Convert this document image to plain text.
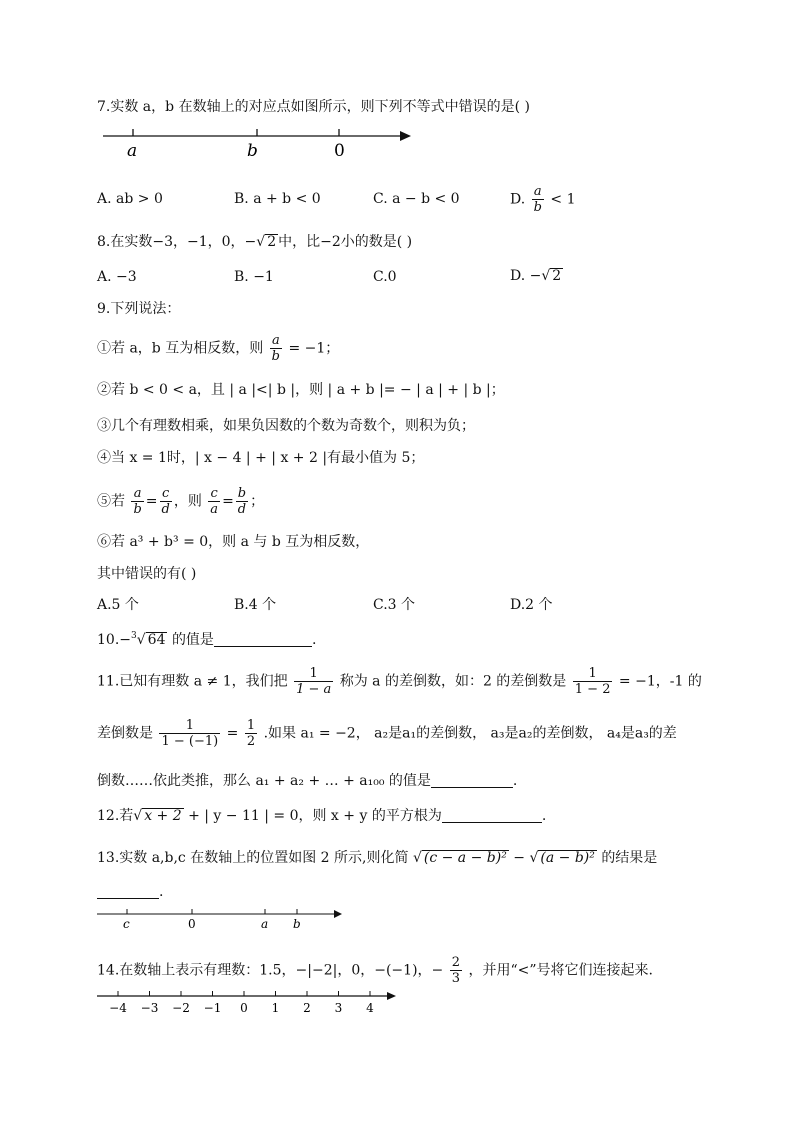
7.实数 a，b 在数轴上的对应点如图所示，则下列不等式中错误的是( )
a	b	0
A. ab > 0	B. a + b < 0	C. a − b < 0	D. $\frac{a}{b} < 1$
8.在实数−3，−1，0，−√ 2 中，比−2小的数是( )
A. −3	B. −1	C.0	D. −√ 2
9.下列说法：
①若 a，b 互为相反数，则 $\frac{a}{b} = -1$；
②若 b < 0 < a，且 | a |<| b |，则 | a + b |= − | a | + | b |；
③几个有理数相乘，如果负因数的个数为奇数个，则积为负；
④当 x = 1时，| x − 4 | + | x + 2 |有最小值为 5；
⑤若 $\frac{a}{b} = \frac{c}{d}$ ，则 $\frac{c}{a} = \frac{b}{d}$ ；
⑥若 a³ + b³ = 0，则 a 与 b 互为相反数，
其中错误的有( )
A.5 个	B.4 个	C.3 个	D.2 个
10.−$^3$√ 64 的值是	.
11.已知有理数 a ≠ 1，我们把 $\frac{1}{1 - a}$ 称为 a 的差倒数，如：2 的差倒数是 $\frac{1}{1 - 2} = -1$，-1 的
差倒数是 $\frac{1}{1 - (-1)} = \frac{1}{2}$ .如果 a₁ = −2， a₂是a₁的差倒数， a₃是a₂的差倒数， a₄是a₃的差
倒数……依此类推，那么 a₁ + a₂ + … + a₁₀₀ 的值是	.
12.若√ x + 2 + | y − 11 | = 0，则 x + y 的平方根为	.
13.实数 a,b,c 在数轴上的位置如图 2 所示,则化简 √ (c − a − b)² − √ (a − b)² 的结果是
.
c	0	a b
14.在数轴上表示有理数：1.5，−|−2|，0，−(−1)，− $\frac{2}{3}$ ，并用“<”号将它们连接起来.
−4 −3 −2 −1 0 1 2 3 4
